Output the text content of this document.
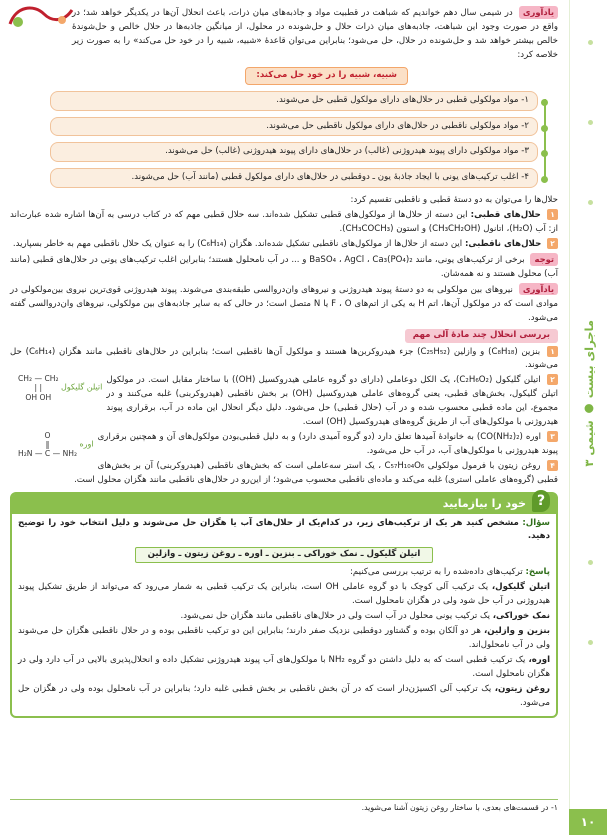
ماجرای بیست ● شیمی ۳
۱۰
یادآوری در شیمی سال دهم خواندیم که شباهت در قطبیت مواد و جاذبه‌های میان ذرات، باعث انحلال آن‌ها در یکدیگر خواهد شد؛ در واقع در صورت وجود این شباهت، جاذبه‌های میان ذرات حلال و حل‌شونده در محلول، از میانگین جاذبه‌ها در حلال خالص و حل‌شوندهٔ خالص بیشتر خواهد شد و حل‌شونده در حلال، حل می‌شود؛ بنابراین می‌توان قاعدهٔ «شبیه، شبیه را در خود حل می‌کند» را به صورت زیر خلاصه کرد:
شبیه، شبیه را در خود حل می‌کند:
۱- مواد مولکولی قطبی در حلال‌های دارای مولکول قطبی حل می‌شوند.
۲- مواد مولکولی ناقطبی در حلال‌های دارای مولکول ناقطبی حل می‌شوند.
۳- مواد مولکولی دارای پیوند هیدروژنی (غالب) در حلال‌های دارای پیوند هیدروژنی (غالب) حل می‌شوند.
۴- اغلب ترکیب‌های یونی با ایجاد جاذبهٔ یون ـ دوقطبی در حلال‌های دارای مولکول قطبی (مانند آب) حل می‌شوند.
حلال‌ها را می‌توان به دو دستهٔ قطبی و ناقطبی تقسیم کرد:
۱ حلال‌های قطبی: این دسته از حلال‌ها از مولکول‌های قطبی تشکیل شده‌اند. سه حلال قطبی مهم که در کتاب درسی به آن‌ها اشاره شده عبارت‌اند از: آب (H₂O)، اتانول (CH₃CH₂OH) و استون (CH₃COCH₃).
۲ حلال‌های ناقطبی: این دسته از حلال‌ها از مولکول‌های ناقطبی تشکیل شده‌اند. هگزان (C₆H₁₄) را به عنوان یک حلال ناقطبی مهم به خاطر بسپارید.
توجه برخی از ترکیب‌های یونی، مانند BaSO₄ ، AgCl ، Ca₃(PO₄)₂ و ... در آب نامحلول هستند؛ بنابراین اغلب ترکیب‌های یونی در حلال‌های قطبی (مانند آب) محلول هستند و نه همه‌شان.
یادآوری نیروهای بین مولکولی به دو دستهٔ پیوند هیدروژنی و نیروهای وان‌دروالسی طبقه‌بندی می‌شوند. پیوند هیدروژنی قوی‌ترین نیروی بین‌مولکولی در موادی است که در مولکول آن‌ها، اتم H به یکی از اتم‌های F ، O یا N متصل است؛ در حالی که به سایر جاذبه‌های بین مولکولی، نیروهای وان‌دروالسی گفته می‌شود.
بررسی انحلال چند مادهٔ آلی مهم
۱ بنزین (C₈H₁₈) و وازلین (C₂₅H₅₂) جزء هیدروکربن‌ها هستند و مولکول آن‌ها ناقطبی است؛ بنابراین در حلال‌های ناقطبی مانند هگزان (C₆H₁₄) حل می‌شوند.
CH₂ — CH₂
| |
OH OH
اتیلن گلیکول
۲ اتیلن گلیکول (C₂H₆O₂)، یک الکل دوعاملی (دارای دو گروه عاملی هیدروکسیل (OH)) با ساختار مقابل است. در مولکول اتیلن گلیکول، بخش‌های قطبی، یعنی گروه‌های عاملی هیدروکسیل (OH) بر بخش ناقطبی (هیدروکربنی) غلبه می‌کنند و در مجموع، این ماده قطبی محسوب شده و در آب (حلال قطبی) حل می‌شود. دلیل دیگر انحلال این ماده در آب، برقراری پیوند هیدروژنی با مولکول‌های آب از طریق گروه‌های هیدروکسیل (OH) است.
O
‖
H₂N — C — NH₂
اوره
۳ اوره (CO(NH₂)₂) به خانوادهٔ آمیدها تعلق دارد (دو گروه آمیدی دارد) و به دلیل قطبی‌بودن مولکول‌های آن و همچنین برقراری پیوند هیدروژنی با مولکول‌های آب، در آب حل می‌شود.
۴ روغن زیتون با فرمول مولکولی C₅₇H₁₀₄O₆ ، یک استر سه‌عاملی است که بخش‌های ناقطبی (هیدروکربنی) آن بر بخش‌های قطبی (گروه‌های عاملی استری) غلبه می‌کند و ماده‌ای ناقطبی محسوب می‌شود؛ از این‌رو در حلال‌های ناقطبی مانند هگزان محلول است.
?
خود را بیازمایید
سؤال: مشخص کنید هر یک از ترکیب‌های زیر، در کدام‌یک از حلال‌های آب یا هگزان حل می‌شوند و دلیل انتخاب خود را توضیح دهید.
اتیلن گلیکول ـ نمک خوراکی ـ بنزین ـ اوره ـ روغن زیتون ـ وازلین
پاسخ: ترکیب‌های داده‌شده را به ترتیب بررسی می‌کنیم:
اتیلن گلیکول، یک ترکیب آلی کوچک با دو گروه عاملی OH است، بنابراین یک ترکیب قطبی به شمار می‌رود که می‌تواند از طریق تشکیل پیوند هیدروژنی در آب حل شود ولی در هگزان نامحلول است.
نمک خوراکی، یک ترکیب یونی محلول در آب است ولی در حلال‌های ناقطبی مانند هگزان حل نمی‌شود.
بنزین و وازلین، هر دو آلکان بوده و گشتاور دوقطبی نزدیک صفر دارند؛ بنابراین این دو ترکیب ناقطبی بوده و در حلال ناقطبی هگزان حل می‌شوند ولی در آب نامحلول‌اند.
اوره، یک ترکیب قطبی است که به دلیل داشتن دو گروه NH₂ با مولکول‌های آب پیوند هیدروژنی تشکیل داده و انحلال‌پذیری بالایی در آب دارد ولی در هگزان نامحلول است.
روغن زیتون، یک ترکیب آلی اکسیژن‌دار است که در آن بخش ناقطبی بر بخش قطبی غلبه دارد؛ بنابراین در آب نامحلول بوده ولی در هگزان حل می‌شود.
۱- در قسمت‌های بعدی، با ساختار روغن زیتون آشنا می‌شوید.
